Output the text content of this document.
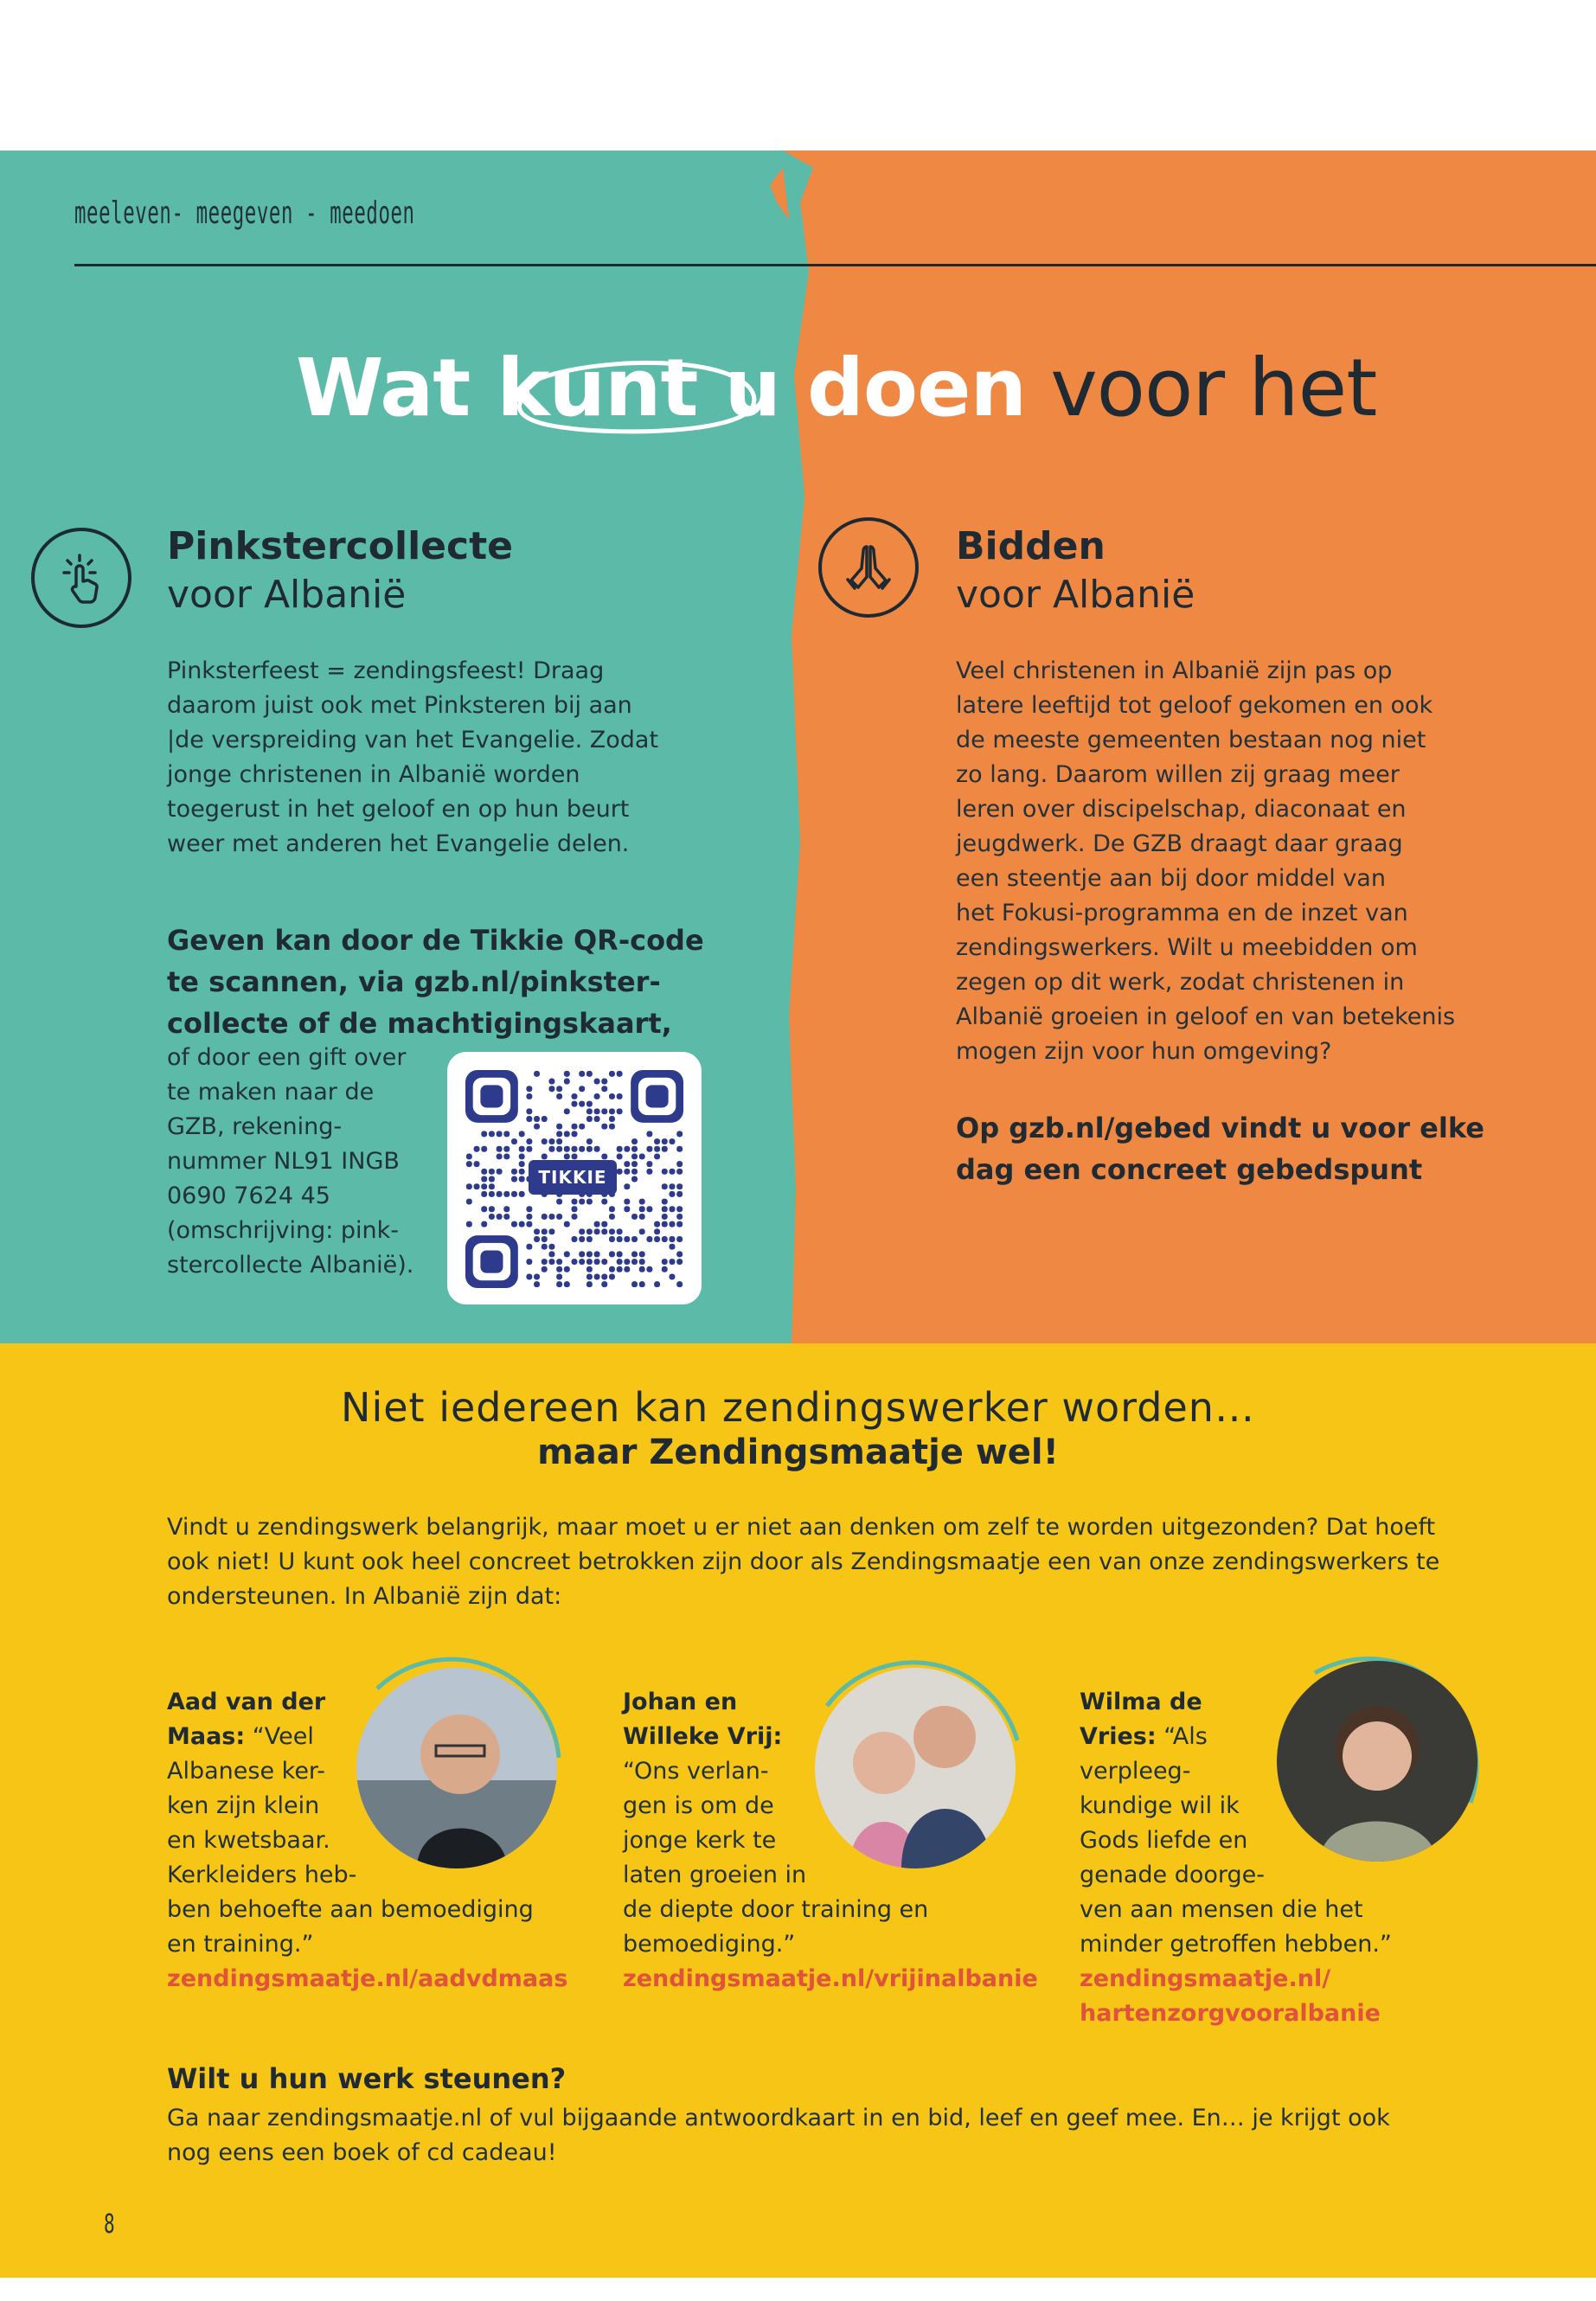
meeleven- meegeven - meedoen
Wat kunt u doen voor het
Pinkstercollecte
voor Albanië
Pinksterfeest = zendingsfeest! Draag
daarom juist ook met Pinksteren bij aan
|de verspreiding van het Evangelie. Zodat
jonge christenen in Albanië worden
toegerust in het geloof en op hun beurt
weer met anderen het Evangelie delen.
Geven kan door de Tikkie QR-code
te scannen, via gzb.nl/pinkster-
collecte of de machtigingskaart,
of door een gift over
te maken naar de
GZB, rekening-
nummer NL91 INGB
0690 7624 45
(omschrijving: pink-
stercollecte Albanië).
TIKKIE
Bidden
voor Albanië
Veel christenen in Albanië zijn pas op
latere leeftijd tot geloof gekomen en ook
de meeste gemeenten bestaan nog niet
zo lang. Daarom willen zij graag meer
leren over discipelschap, diaconaat en
jeugdwerk. De GZB draagt daar graag
een steentje aan bij door middel van
het Fokusi-programma en de inzet van
zendingswerkers. Wilt u meebidden om
zegen op dit werk, zodat christenen in
Albanië groeien in geloof en van betekenis
mogen zijn voor hun omgeving?
Op gzb.nl/gebed vindt u voor elke
dag een concreet gebedspunt
Niet iedereen kan zendingswerker worden…
maar Zendingsmaatje wel!
Vindt u zendingswerk belangrijk, maar moet u er niet aan denken om zelf te worden uitgezonden? Dat hoeft ook niet! U kunt ook heel concreet betrokken zijn door als Zendingsmaatje een van onze zendingswerkers te ondersteunen. In Albanië zijn dat:
Aad van der
Maas: “Veel
Albanese ker-
ken zijn klein
en kwetsbaar.
Kerkleiders heb-
ben behoefte aan bemoediging
en training.”
zendingsmaatje.nl/aadvdmaas
Johan en
Willeke Vrij:
“Ons verlan-
gen is om de
jonge kerk te
laten groeien in
de diepte door training en
bemoediging.”
zendingsmaatje.nl/vrijinalbanie
Wilma de
Vries: “Als
verpleeg-
kundige wil ik
Gods liefde en
genade doorge-
ven aan mensen die het
minder getroffen hebben.”
zendingsmaatje.nl/
hartenzorgvooralbanie
Wilt u hun werk steunen?
Ga naar zendingsmaatje.nl of vul bijgaande antwoordkaart in en bid, leef en geef mee. En… je krijgt ook nog eens een boek of cd cadeau!
8
